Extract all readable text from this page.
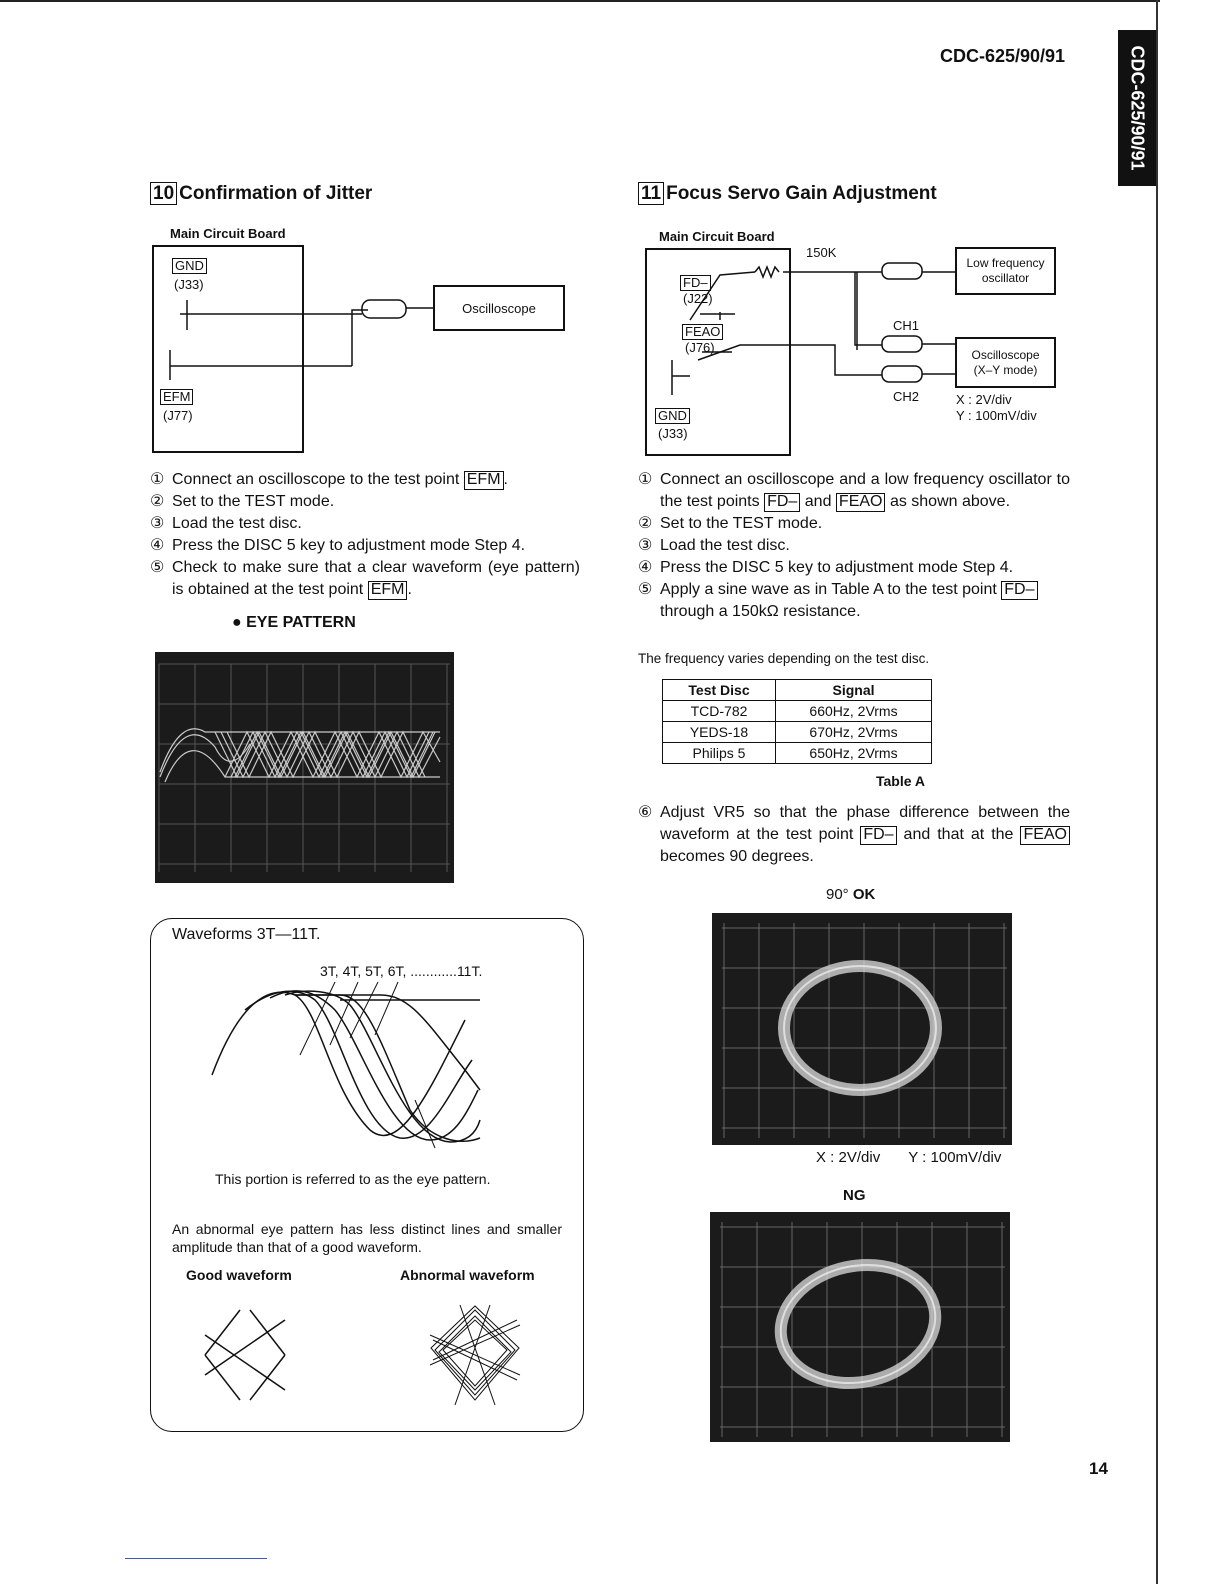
CDC-625/90/91	CDC-625/90/91
10 Confirmation of Jitter
Main Circuit Board
GND
(J33)
EFM
(J77)
Oscilloscope
① Connect an oscilloscope to the test point EFM .
② Set to the TEST mode.
③ Load the test disc.
④ Press the DISC 5 key to adjustment mode Step 4.
⑤ Check to make sure that a clear waveform (eye pattern) is obtained at the test point EFM .
● EYE PATTERN
Waveforms 3T—11T.
3T, 4T, 5T, 6T, ............11T.
This portion is referred to as the eye pattern.
An abnormal eye pattern has less distinct lines and smaller amplitude than that of a good waveform.
Good waveform	Abnormal waveform
11 Focus Servo Gain Adjustment
Main Circuit Board
FD–
(J22)
FEAO
(J76)
GND
(J33)
150K
CH1
CH2
Low frequency
oscillator
Oscilloscope
(X–Y mode)
X : 2V/div
Y : 100mV/div
① Connect an oscilloscope and a low frequency oscillator to the test points FD– and FEAO as shown above.
② Set to the TEST mode.
③ Load the test disc.
④ Press the DISC 5 key to adjustment mode Step 4.
⑤ Apply a sine wave as in Table A to the test point FD– through a 150kΩ resistance.
The frequency varies depending on the test disc.
Test Disc	Signal
TCD-782	660Hz, 2Vrms
YEDS-18	670Hz, 2Vrms
Philips 5	650Hz, 2Vrms
Table A
⑥ Adjust VR5 so that the phase difference between the waveform at the test point FD– and that at the FEAO becomes 90 degrees.
90° OK
X : 2V/div Y : 100mV/div
NG
14
